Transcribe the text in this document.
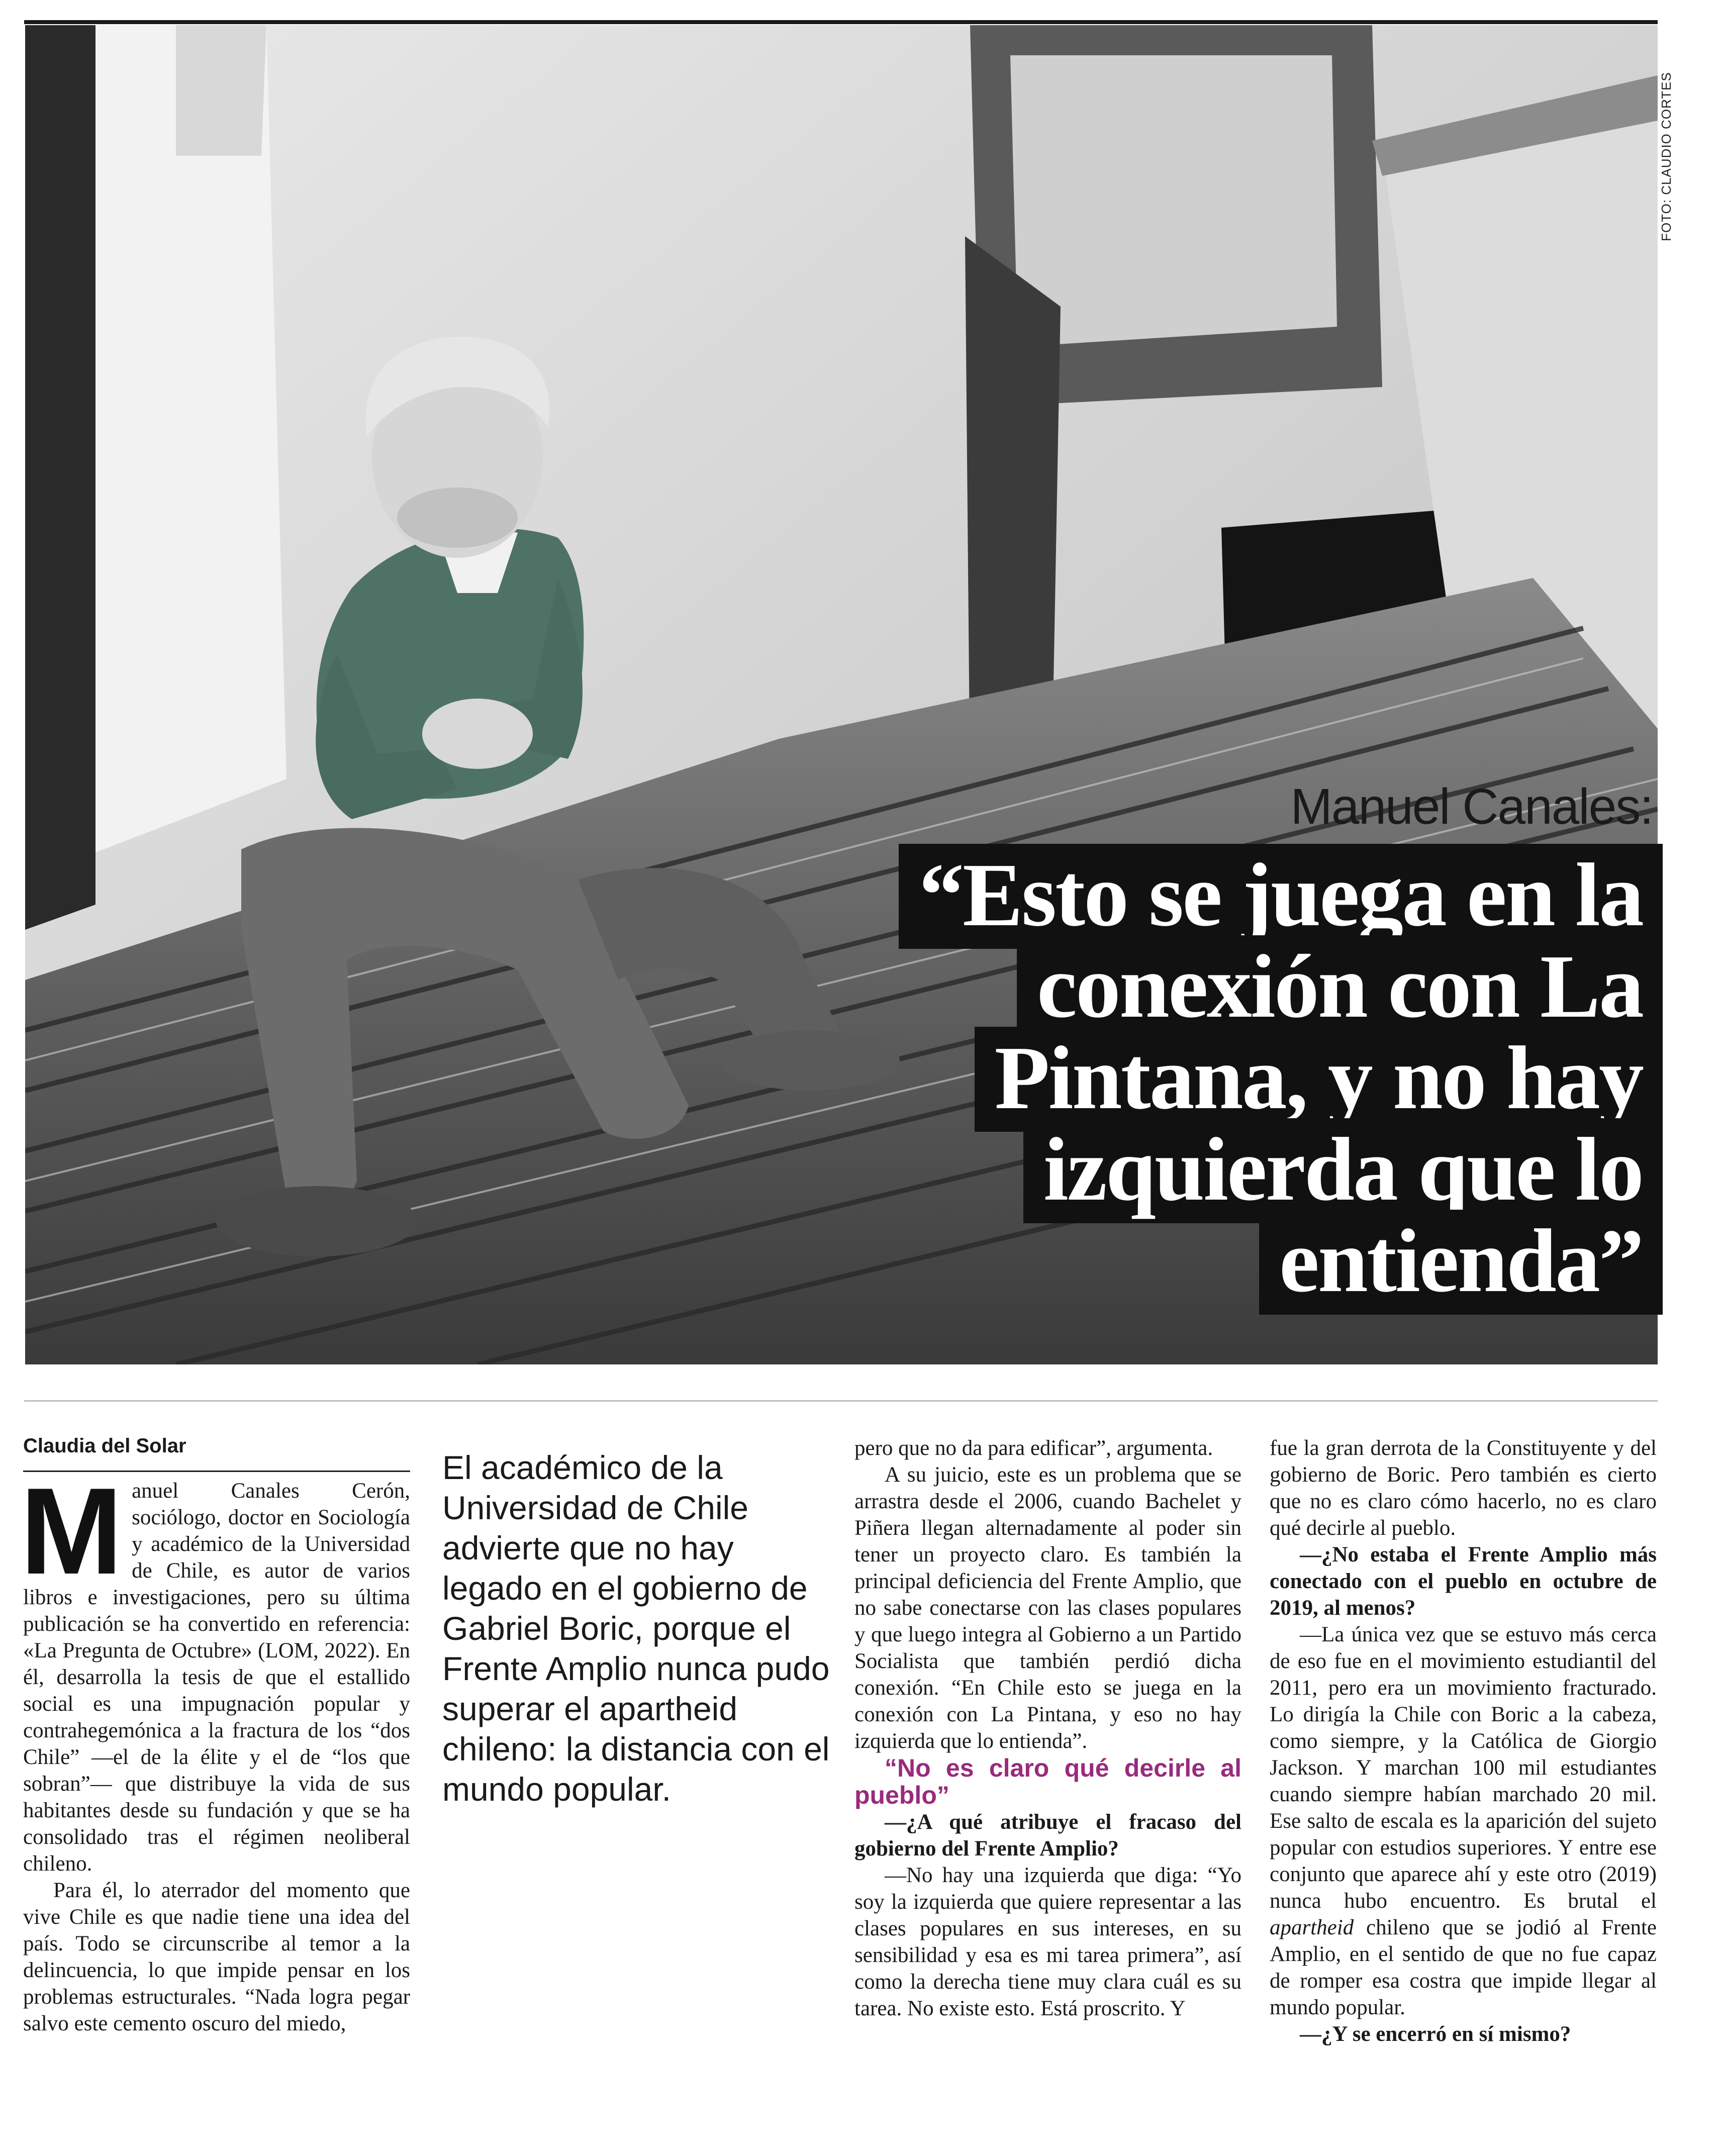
FOTO: CLAUDIO CORTES
Manuel Canales:
“Esto se juega en la conexión con La Pintana, y no hay izquierda que lo entienda”
Claudia del Solar

Manuel Canales Cerón, sociólogo, doctor en Sociología y académico de la Universidad de Chile, es autor de varios libros e investigaciones, pero su última publicación se ha convertido en referencia: «La Pregunta de Octubre» (LOM, 2022). En él, desarrolla la tesis de que el estallido social es una impugnación popular y contrahegemónica a la fractura de los “dos Chile” —el de la élite y el de “los que sobran”— que distribuye la vida de sus habitantes desde su fundación y que se ha consolidado tras el régimen neoliberal chileno.

Para él, lo aterrador del momento que vive Chile es que nadie tiene una idea del país. Todo se circunscribe al temor a la delincuencia, lo que impide pensar en los problemas estructurales. “Nada logra pegar salvo este cemento oscuro del miedo,

El académico de la Universidad de Chile advierte que no hay legado en el gobierno de Gabriel Boric, porque el Frente Amplio nunca pudo superar el apartheid chileno: la distancia con el mundo popular.

pero que no da para edificar”, argumenta.

A su juicio, este es un problema que se arrastra desde el 2006, cuando Bachelet y Piñera llegan alternadamente al poder sin tener un proyecto claro. Es también la principal deficiencia del Frente Amplio, que no sabe conectarse con las clases populares y que luego integra al Gobierno a un Partido Socialista que también perdió dicha conexión. “En Chile esto se juega en la conexión con La Pintana, y eso no hay izquierda que lo entienda”.

“No es claro qué decirle al pueblo”

—¿A qué atribuye el fracaso del gobierno del Frente Amplio?

—No hay una izquierda que diga: “Yo soy la izquierda que quiere representar a las clases populares en sus intereses, en su sensibilidad y esa es mi tarea primera”, así como la derecha tiene muy clara cuál es su tarea. No existe esto. Está proscrito. Y

fue la gran derrota de la Constituyente y del gobierno de Boric. Pero también es cierto que no es claro cómo hacerlo, no es claro qué decirle al pueblo.

—¿No estaba el Frente Amplio más conectado con el pueblo en octubre de 2019, al menos?

—La única vez que se estuvo más cerca de eso fue en el movimiento estudiantil del 2011, pero era un movimiento fracturado. Lo dirigía la Chile con Boric a la cabeza, como siempre, y la Católica de Giorgio Jackson. Y marchan 100 mil estudiantes cuando siempre habían marchado 20 mil. Ese salto de escala es la aparición del sujeto popular con estudios superiores. Y entre ese conjunto que aparece ahí y este otro (2019) nunca hubo encuentro. Es brutal el apartheid chileno que se jodió al Frente Amplio, en el sentido de que no fue capaz de romper esa costra que impide llegar al mundo popular.

—¿Y se encerró en sí mismo?
